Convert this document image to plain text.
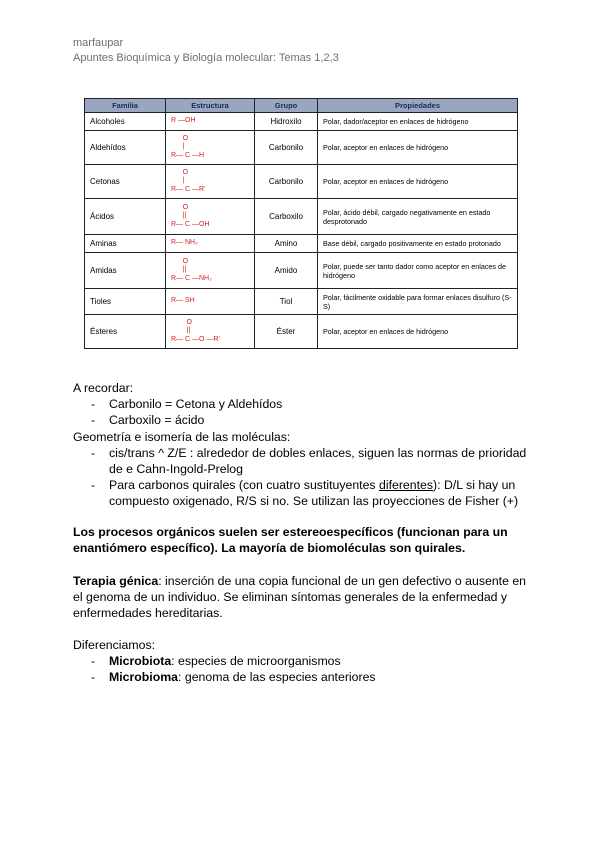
marfaupar
Apuntes Bioquímica y Biología molecular: Temas 1,2,3
Familia	Estructura	Grupo	Propiedades
Alcoholes	R —OH	Hidroxilo	Polar, dador/aceptor en enlaces de hidrógeno
Aldehídos	O
|
R— C —H	Carbonilo	Polar, aceptor en enlaces de hidrógeno
Cetonas	O
|
R— C —R'	Carbonilo	Polar, aceptor en enlaces de hidrógeno
Ácidos	O
||
R— C —OH	Carboxilo	Polar, ácido débil, cargado negativamente en estado desprotonado
Aminas	R— NH₂	Amino	Base débil, cargado positivamente en estado protonado
Amidas	O
||
R— C —NH₂	Amido	Polar, puede ser tanto dador como aceptor en enlaces de hidrógeno
Tioles	R— SH	Tiol	Polar, fácilmente oxidable para formar enlaces disulfuro (S-S)
Ésteres	O
||
R— C —O —R'	Éster	Polar, aceptor en enlaces de hidrógeno
A recordar:
- Carbonilo = Cetona y Aldehídos
- Carboxilo = ácido
Geometría e isomería de las moléculas:
- cis/trans ^ Z/E : alrededor de dobles enlaces, siguen las normas de prioridad de e Cahn-Ingold-Prelog
- Para carbonos quirales (con cuatro sustituyentes diferentes): D/L si hay un compuesto oxigenado, R/S si no. Se utilizan las proyecciones de Fisher (+)
Los procesos orgánicos suelen ser estereoespecíficos (funcionan para un enantiómero específico). La mayoría de biomoléculas son quirales.
Terapia génica: inserción de una copia funcional de un gen defectivo o ausente en el genoma de un individuo. Se eliminan síntomas generales de la enfermedad y enfermedades hereditarias.
Diferenciamos:
- Microbiota: especies de microorganismos
- Microbioma: genoma de las especies anteriores
